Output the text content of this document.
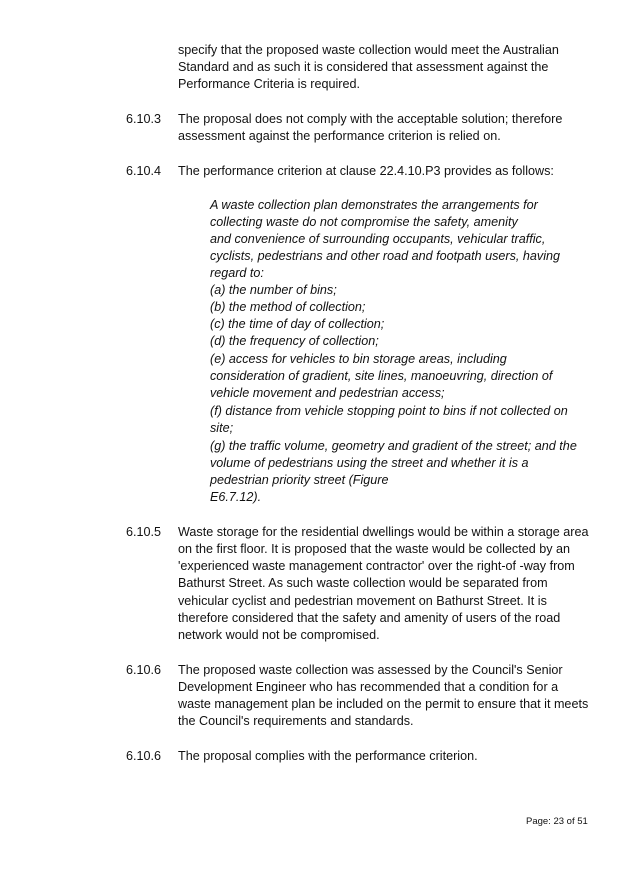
specify that the proposed waste collection would meet the Australian
Standard and as such it is considered that assessment against the
Performance Criteria is required.
6.10.3 The proposal does not comply with the acceptable solution; therefore
assessment against the performance criterion is relied on.
6.10.4 The performance criterion at clause 22.4.10.P3 provides as follows:
A waste collection plan demonstrates the arrangements for
collecting waste do not compromise the safety, amenity
and convenience of surrounding occupants, vehicular traffic,
cyclists, pedestrians and other road and footpath users, having
regard to:
(a) the number of bins;
(b) the method of collection;
(c) the time of day of collection;
(d) the frequency of collection;
(e) access for vehicles to bin storage areas, including
consideration of gradient, site lines, manoeuvring, direction of
vehicle movement and pedestrian access;
(f) distance from vehicle stopping point to bins if not collected on
site;
(g) the traffic volume, geometry and gradient of the street; and the
volume of pedestrians using the street and whether it is a
pedestrian priority street (Figure
E6.7.12).
6.10.5 Waste storage for the residential dwellings would be within a storage area
on the first floor. It is proposed that the waste would be collected by an
'experienced waste management contractor' over the right-of -way from
Bathurst Street. As such waste collection would be separated from
vehicular cyclist and pedestrian movement on Bathurst Street. It is
therefore considered that the safety and amenity of users of the road
network would not be compromised.
6.10.6 The proposed waste collection was assessed by the Council's Senior
Development Engineer who has recommended that a condition for a
waste management plan be included on the permit to ensure that it meets
the Council's requirements and standards.
6.10.6 The proposal complies with the performance criterion.
Page: 23 of 51
